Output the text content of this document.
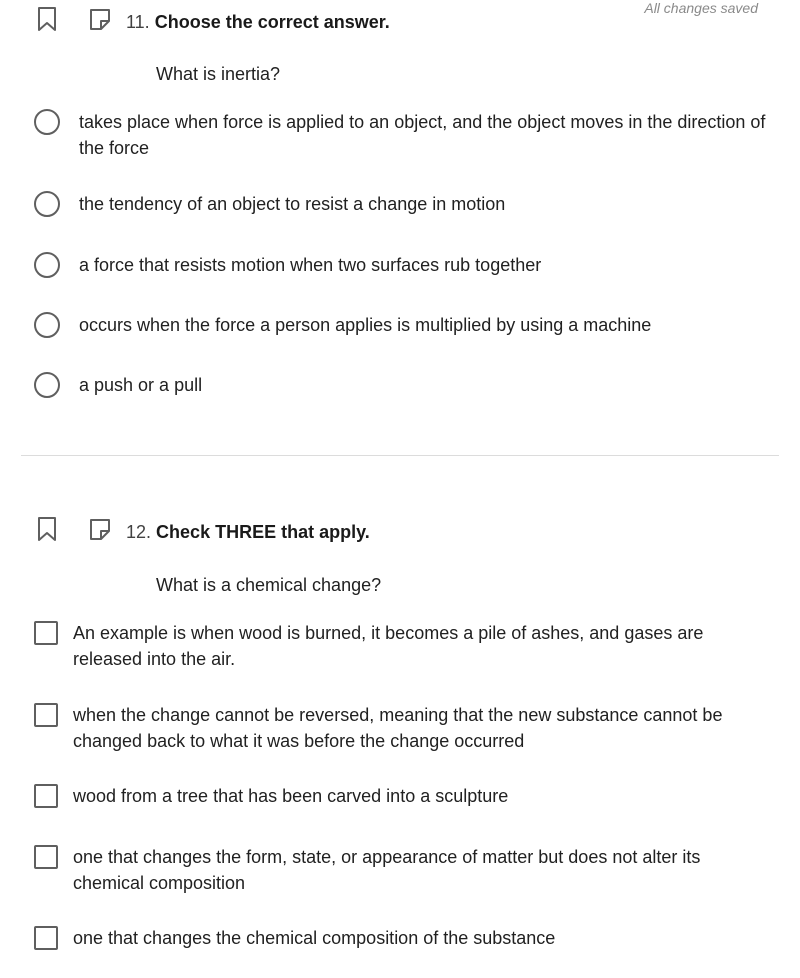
All changes saved
11. Choose the correct answer.
What is inertia?
takes place when force is applied to an object, and the object moves in the direction of the force
the tendency of an object to resist a change in motion
a force that resists motion when two surfaces rub together
occurs when the force a person applies is multiplied by using a machine
a push or a pull
12. Check THREE that apply.
What is a chemical change?
An example is when wood is burned, it becomes a pile of ashes, and gases are released into the air.
when the change cannot be reversed, meaning that the new substance cannot be changed back to what it was before the change occurred
wood from a tree that has been carved into a sculpture
one that changes the form, state, or appearance of matter but does not alter its chemical composition
one that changes the chemical composition of the substance
